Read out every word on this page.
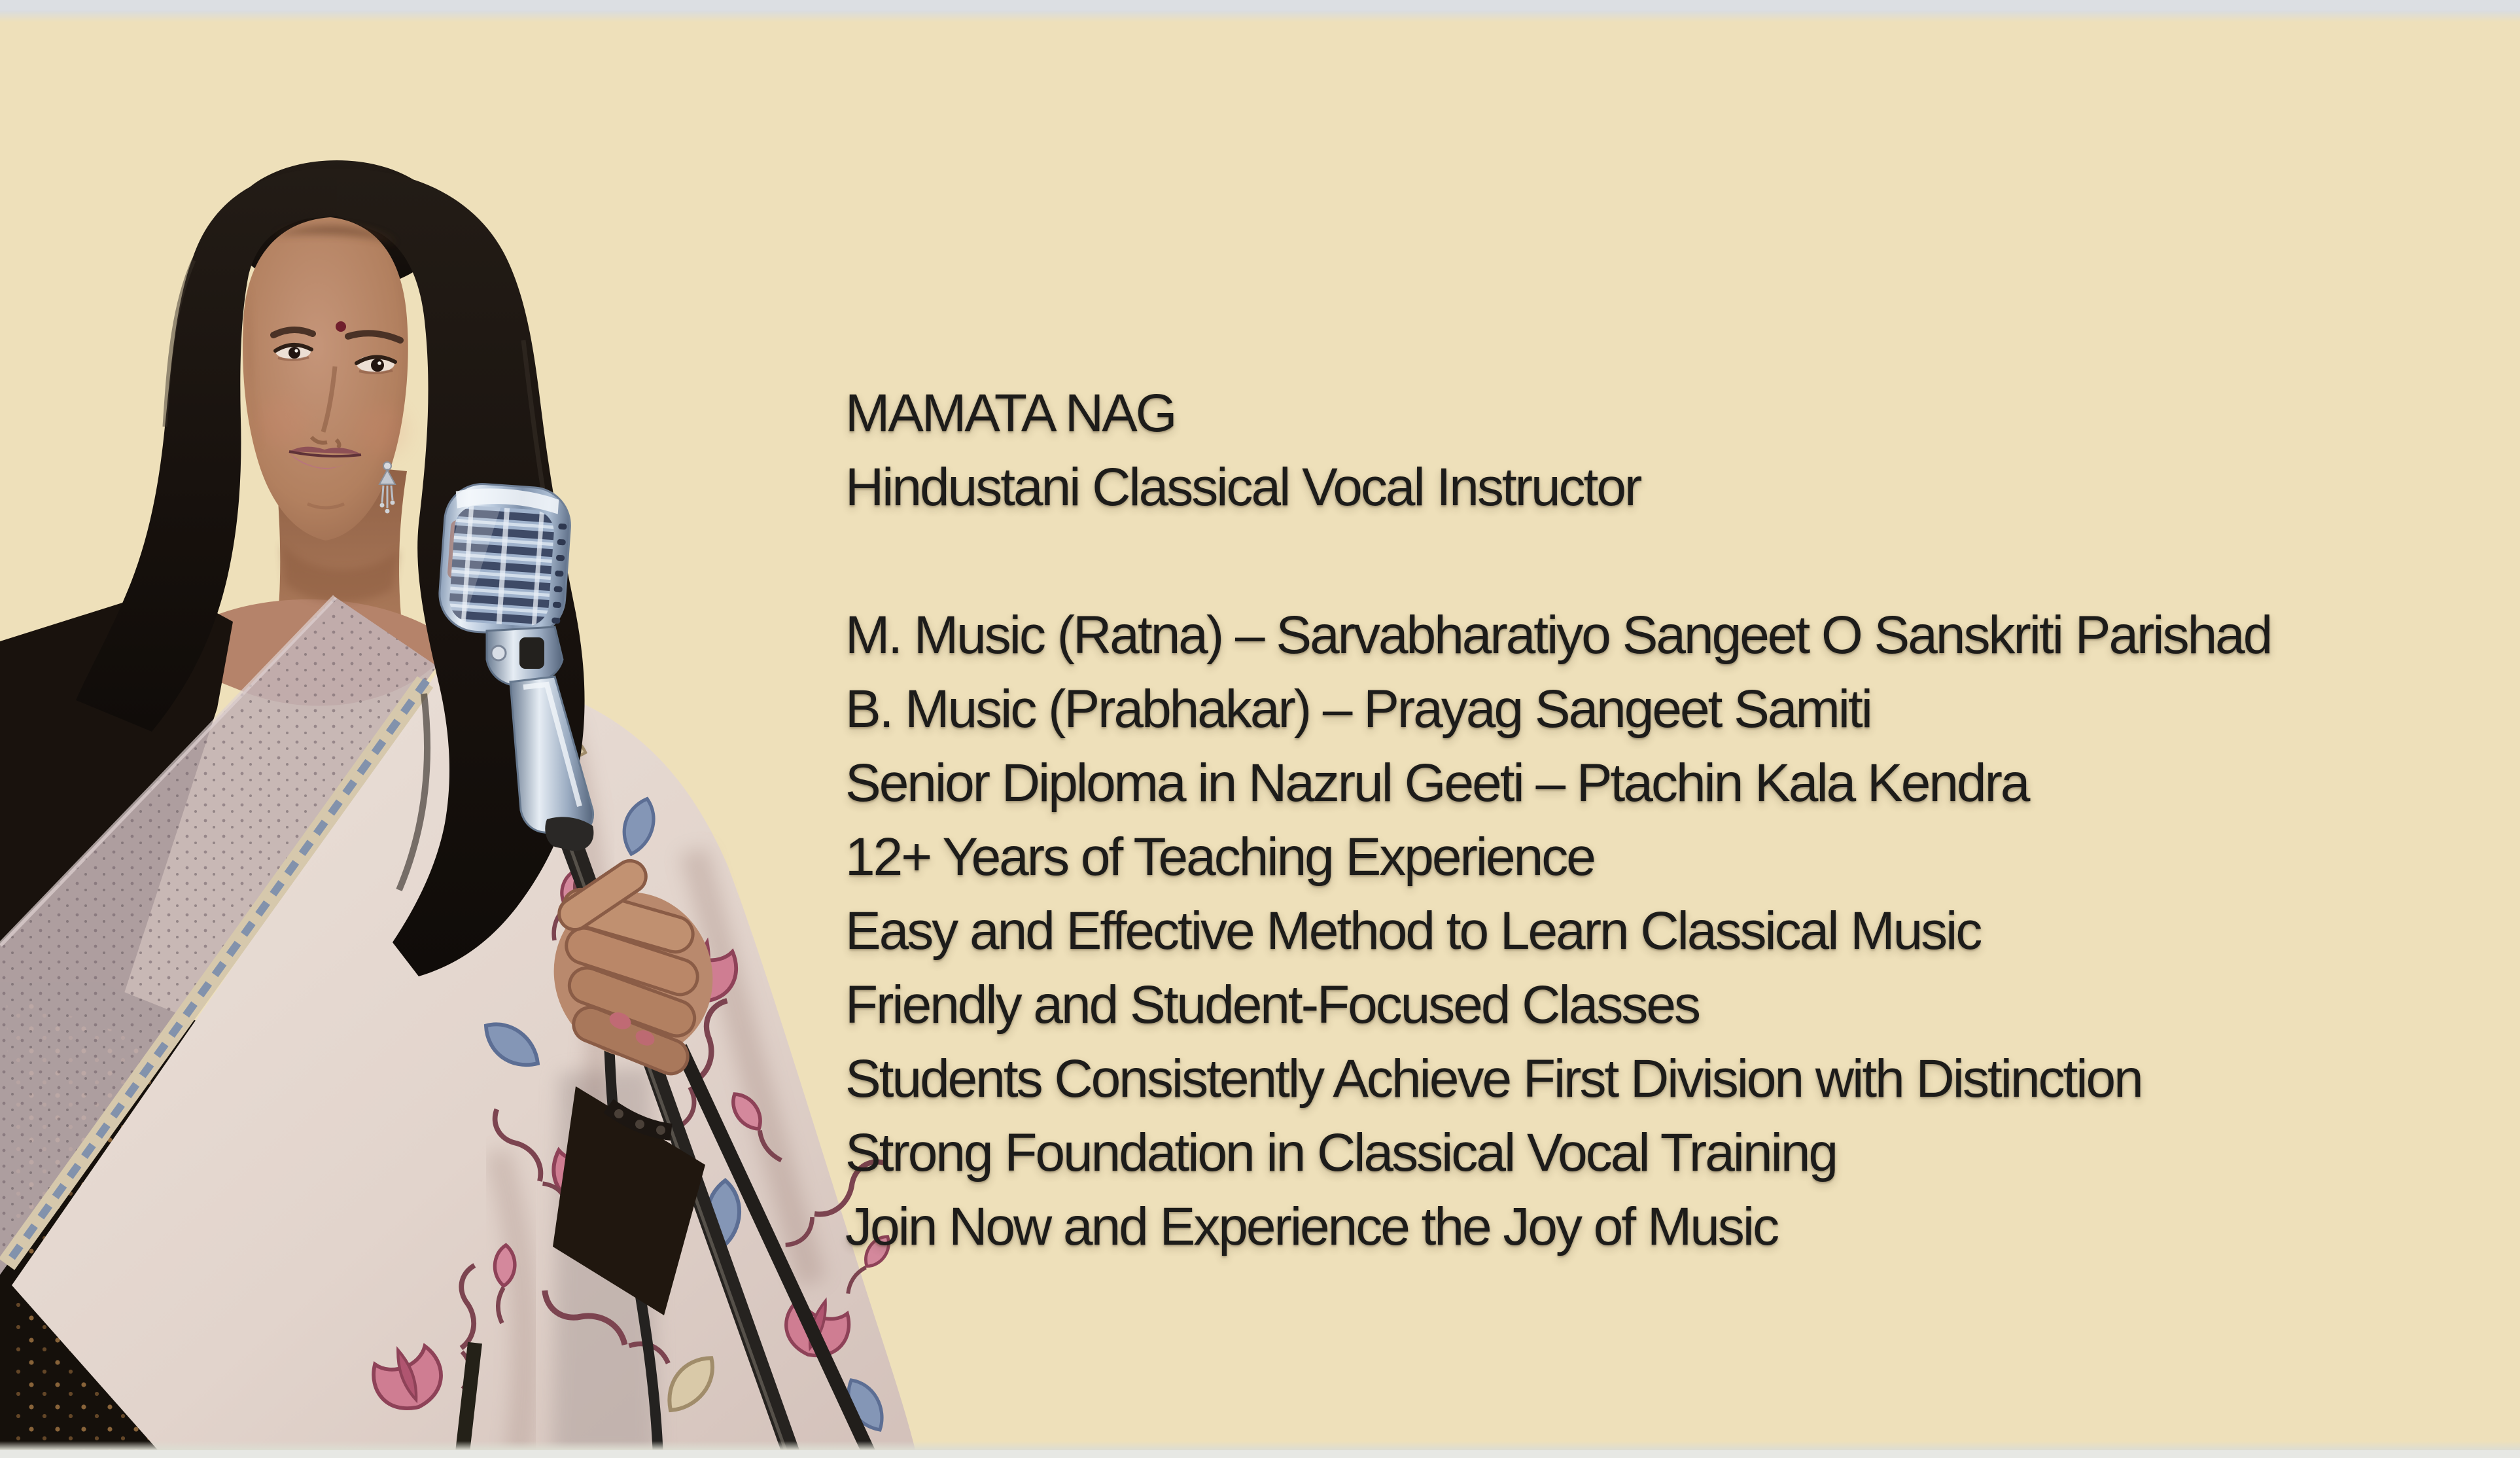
MAMATA NAG
Hindustani Classical Vocal Instructor

M. Music (Ratna) – Sarvabharatiyo Sangeet O Sanskriti Parishad

B. Music (Prabhakar) – Prayag Sangeet Samiti

Senior Diploma in Nazrul Geeti – Ptachin Kala Kendra

12+ Years of Teaching Experience

Easy and Effective Method to Learn Classical Music

Friendly and Student-Focused Classes

Students Consistently Achieve First Division with Distinction

Strong Foundation in Classical Vocal Training

Join Now and Experience the Joy of Music
